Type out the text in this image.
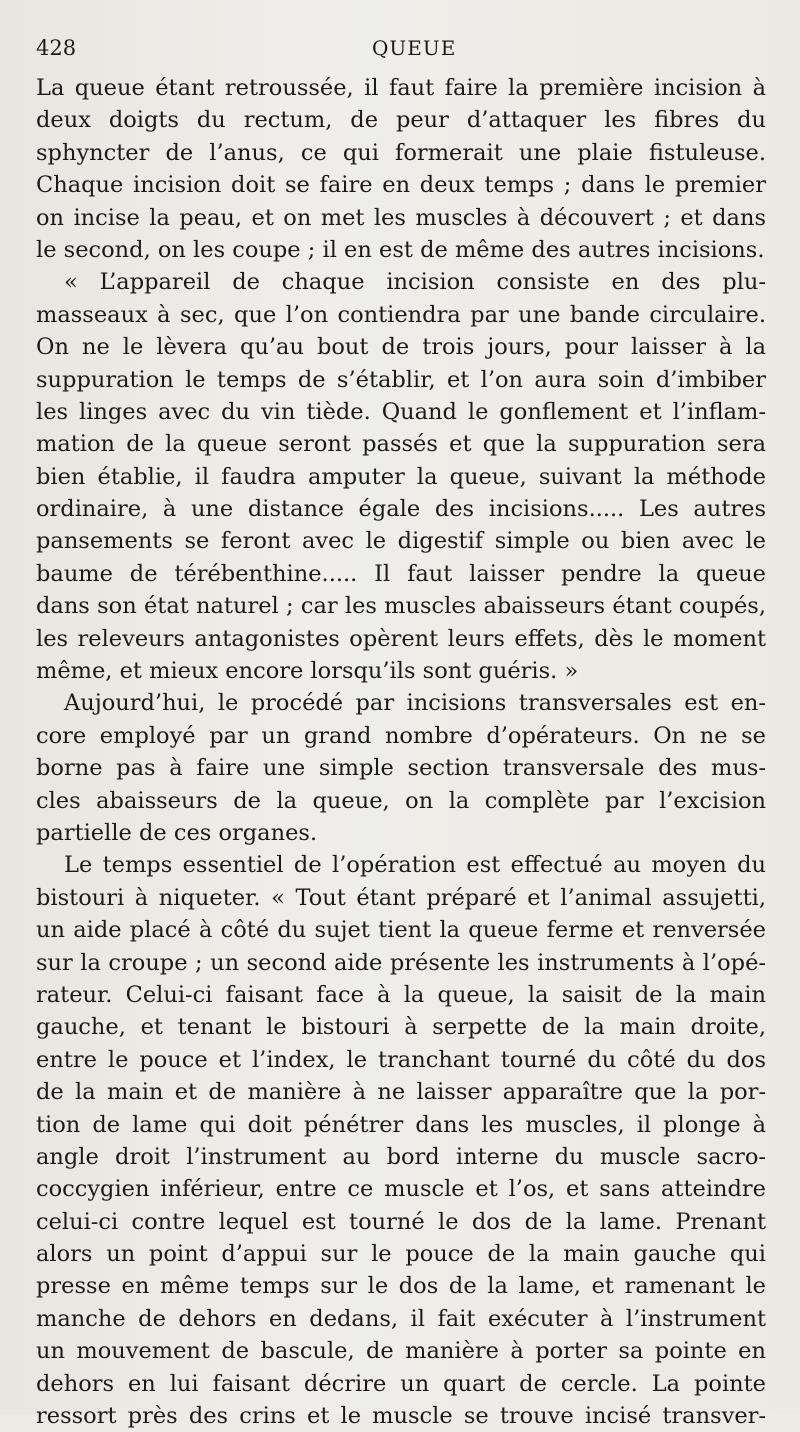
428	QUEUE
La queue étant retroussée, il faut faire la première incision à
deux doigts du rectum, de peur d’attaquer les fibres du
sphyncter de l’anus, ce qui formerait une plaie fistuleuse.
Chaque incision doit se faire en deux temps ; dans le premier
on incise la peau, et on met les muscles à découvert ; et dans
le second, on les coupe ; il en est de même des autres incisions.
« L’appareil de chaque incision consiste en des plu-
masseaux à sec, que l’on contiendra par une bande circulaire.
On ne le lèvera qu’au bout de trois jours, pour laisser à la
suppuration le temps de s’établir, et l’on aura soin d’imbiber
les linges avec du vin tiède. Quand le gonflement et l’inflam-
mation de la queue seront passés et que la suppuration sera
bien établie, il faudra amputer la queue, suivant la méthode
ordinaire, à une distance égale des incisions..... Les autres
pansements se feront avec le digestif simple ou bien avec le
baume de térébenthine..... Il faut laisser pendre la queue
dans son état naturel ; car les muscles abaisseurs étant coupés,
les releveurs antagonistes opèrent leurs effets, dès le moment
même, et mieux encore lorsqu’ils sont guéris. »
Aujourd’hui, le procédé par incisions transversales est en-
core employé par un grand nombre d’opérateurs. On ne se
borne pas à faire une simple section transversale des mus-
cles abaisseurs de la queue, on la complète par l’excision
partielle de ces organes.
Le temps essentiel de l’opération est effectué au moyen du
bistouri à niqueter. « Tout étant préparé et l’animal assujetti,
un aide placé à côté du sujet tient la queue ferme et renversée
sur la croupe ; un second aide présente les instruments à l’opé-
rateur. Celui-ci faisant face à la queue, la saisit de la main
gauche, et tenant le bistouri à serpette de la main droite,
entre le pouce et l’index, le tranchant tourné du côté du dos
de la main et de manière à ne laisser apparaître que la por-
tion de lame qui doit pénétrer dans les muscles, il plonge à
angle droit l’instrument au bord interne du muscle sacro-
coccygien inférieur, entre ce muscle et l’os, et sans atteindre
celui-ci contre lequel est tourné le dos de la lame. Prenant
alors un point d’appui sur le pouce de la main gauche qui
presse en même temps sur le dos de la lame, et ramenant le
manche de dehors en dedans, il fait exécuter à l’instrument
un mouvement de bascule, de manière à porter sa pointe en
dehors en lui faisant décrire un quart de cercle. La pointe
ressort près des crins et le muscle se trouve incisé transver-
